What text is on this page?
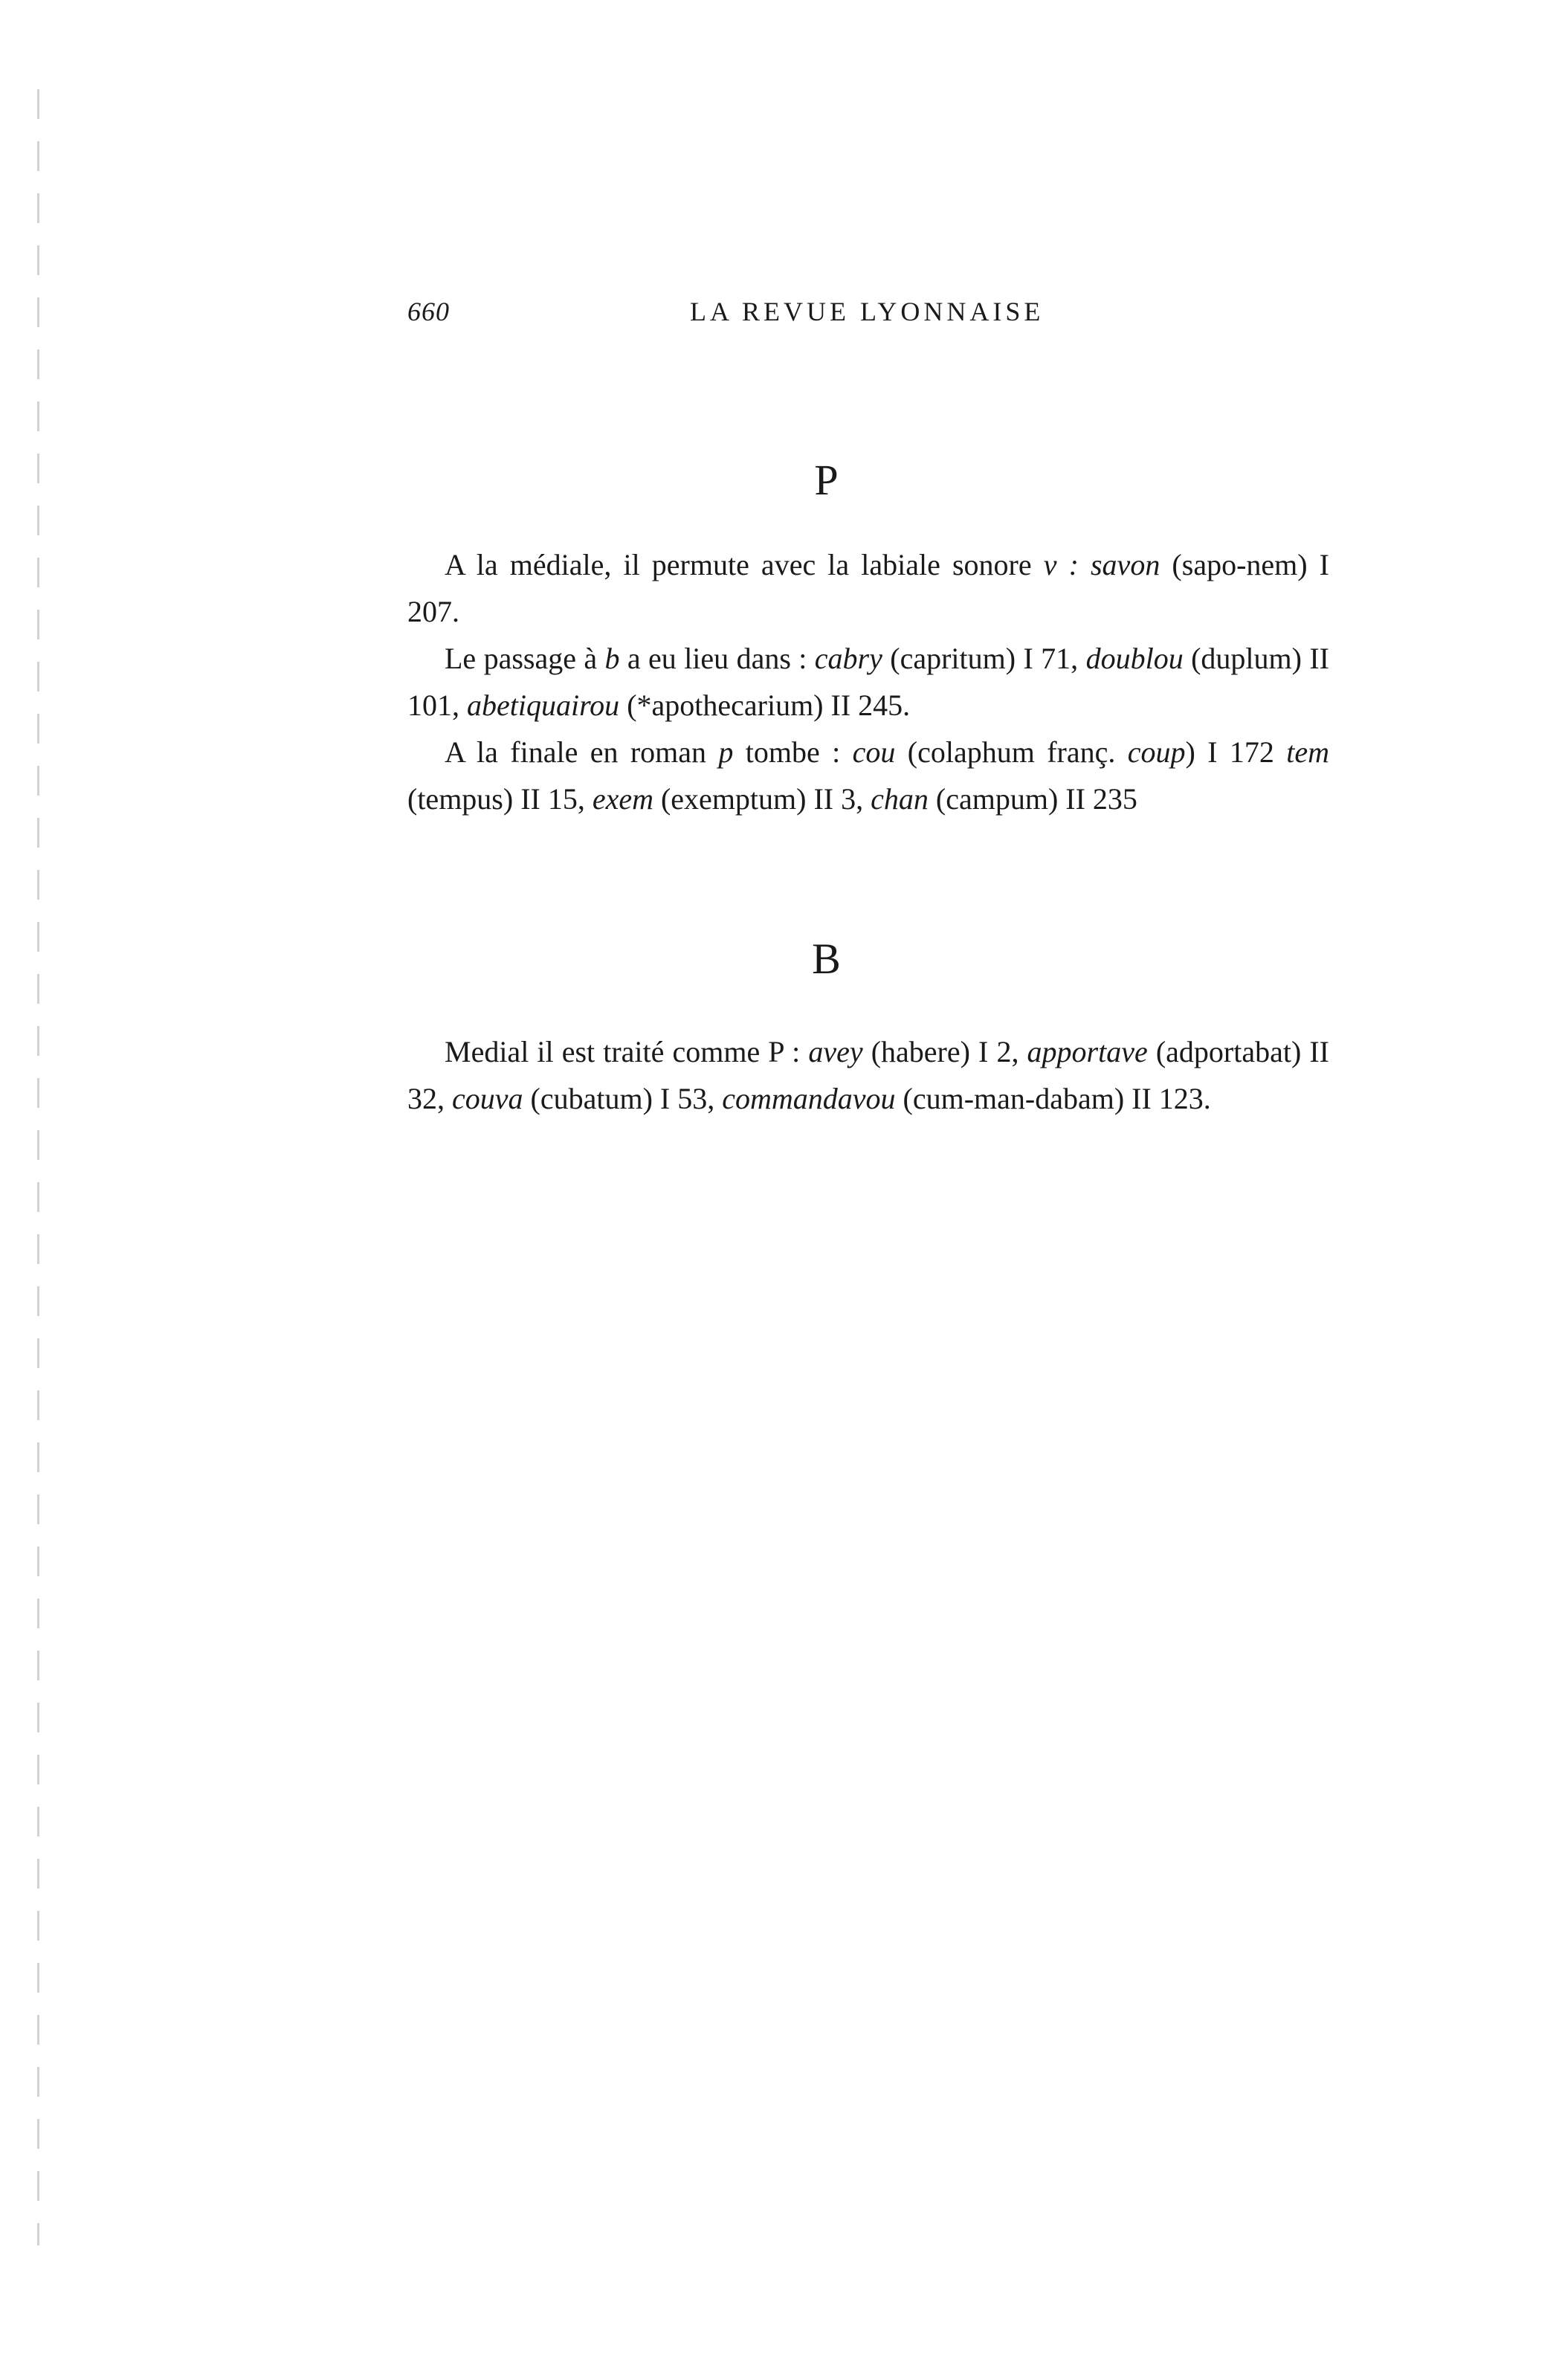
660	LA REVUE LYONNAISE
P

A la médiale, il permute avec la labiale sonore v : savon (sapo-nem) I 207.

Le passage à b a eu lieu dans : cabry (capritum) I 71, doublou (duplum) II 101, abetiquairou (*apothecarium) II 245.

A la finale en roman p tombe : cou (colaphum franç. coup) I 172 tem (tempus) II 15, exem (exemptum) II 3, chan (campum) II 235

B

Medial il est traité comme P : avey (habere) I 2, apportave (adportabat) II 32, couva (cubatum) I 53, commandavou (cum-man-dabam) II 123.
